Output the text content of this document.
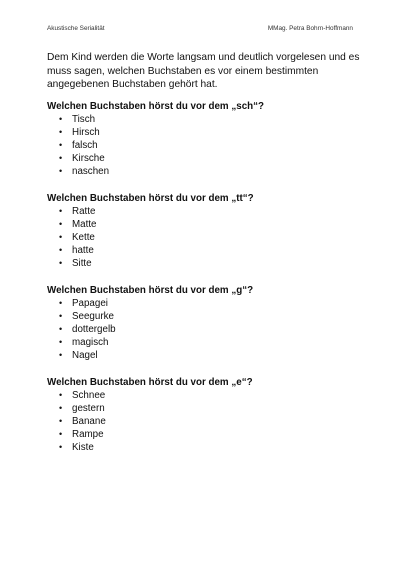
Akustische Serialität	MMag. Petra Bohrn-Hoffmann
Dem Kind werden die Worte langsam und deutlich vorgelesen und es muss sagen, welchen Buchstaben es vor einem bestimmten angegebenen Buchstaben gehört hat.

Welchen Buchstaben hörst du vor dem „sch“?

•	Tisch
•	Hirsch
•	falsch
•	Kirsche
•	naschen

Welchen Buchstaben hörst du vor dem „tt“?

•	Ratte
•	Matte
•	Kette
•	hatte
•	Sitte

Welchen Buchstaben hörst du vor dem „g“?

•	Papagei
•	Seegurke
•	dottergelb
•	magisch
•	Nagel

Welchen Buchstaben hörst du vor dem „e“?

•	Schnee
•	gestern
•	Banane
•	Rampe
•	Kiste
